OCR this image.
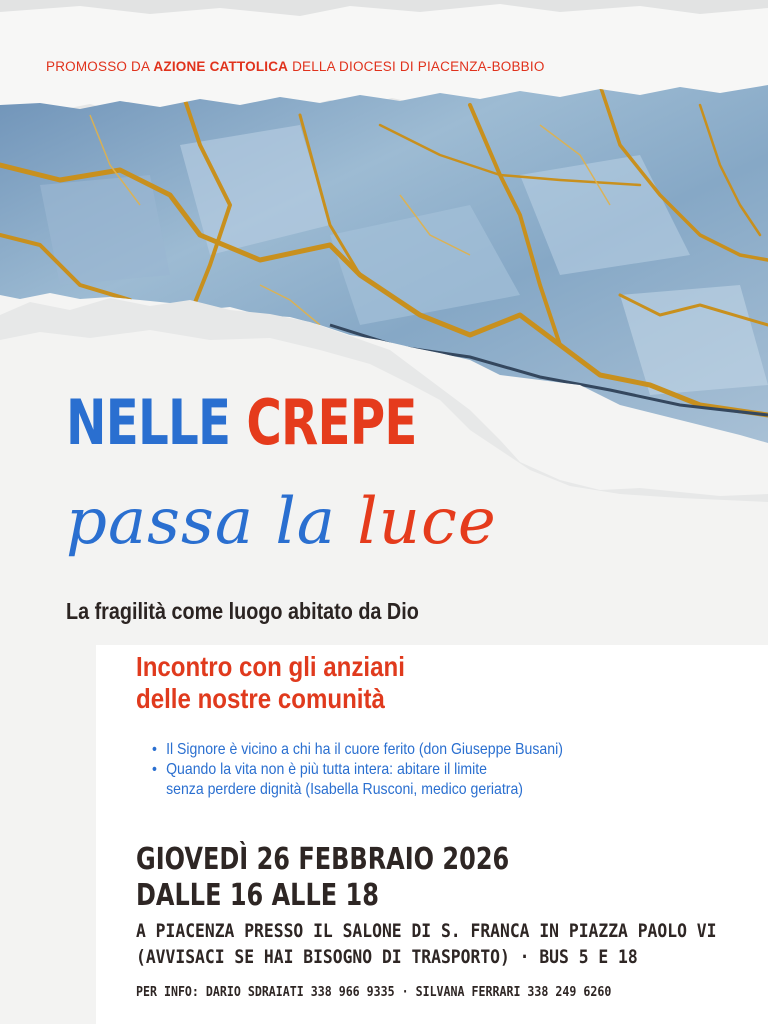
PROMOSSO DA AZIONE CATTOLICA DELLA DIOCESI DI PIACENZA-BOBBIO
NELLE CREPE
passa la luce
La fragilità come luogo abitato da Dio
Incontro con gli anziani
delle nostre comunità
• Il Signore è vicino a chi ha il cuore ferito (don Giuseppe Busani)
• Quando la vita non è più tutta intera: abitare il limite
senza perdere dignità (Isabella Rusconi, medico geriatra)
GIOVEDÌ 26 FEBBRAIO 2026
DALLE 16 ALLE 18
A PIACENZA PRESSO IL SALONE DI S. FRANCA IN PIAZZA PAOLO VI
(AVVISACI SE HAI BISOGNO DI TRASPORTO) · BUS 5 E 18
PER INFO: DARIO SDRAIATI 338 966 9335 · SILVANA FERRARI 338 249 6260
